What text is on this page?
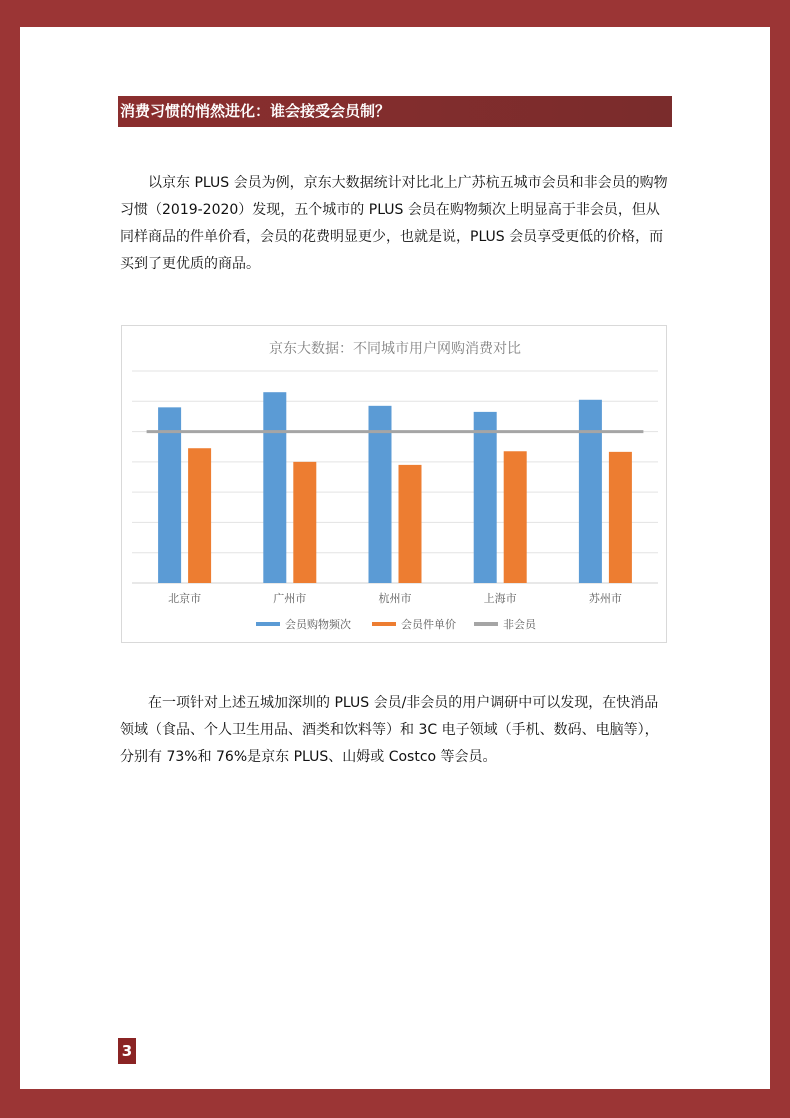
消费习惯的悄然进化：谁会接受会员制？

以京东 PLUS 会员为例，京东大数据统计对比北上广苏杭五城市会员和非会员的购物习惯（2019-2020）发现，五个城市的 PLUS 会员在购物频次上明显高于非会员，但从同样商品的件单价看，会员的花费明显更少，也就是说，PLUS 会员享受更低的价格，而买到了更优质的商品。

京东大数据：不同城市用户网购消费对比
北京市	广州市	杭州市	上海市	苏州市
会员购物频次	会员件单价	非会员

在一项针对上述五城加深圳的 PLUS 会员/非会员的用户调研中可以发现，在快消品领域（食品、个人卫生用品、酒类和饮料等）和 3C 电子领域（手机、数码、电脑等），分别有 73%和 76%是京东 PLUS、山姆或 Costco 等会员。

3
